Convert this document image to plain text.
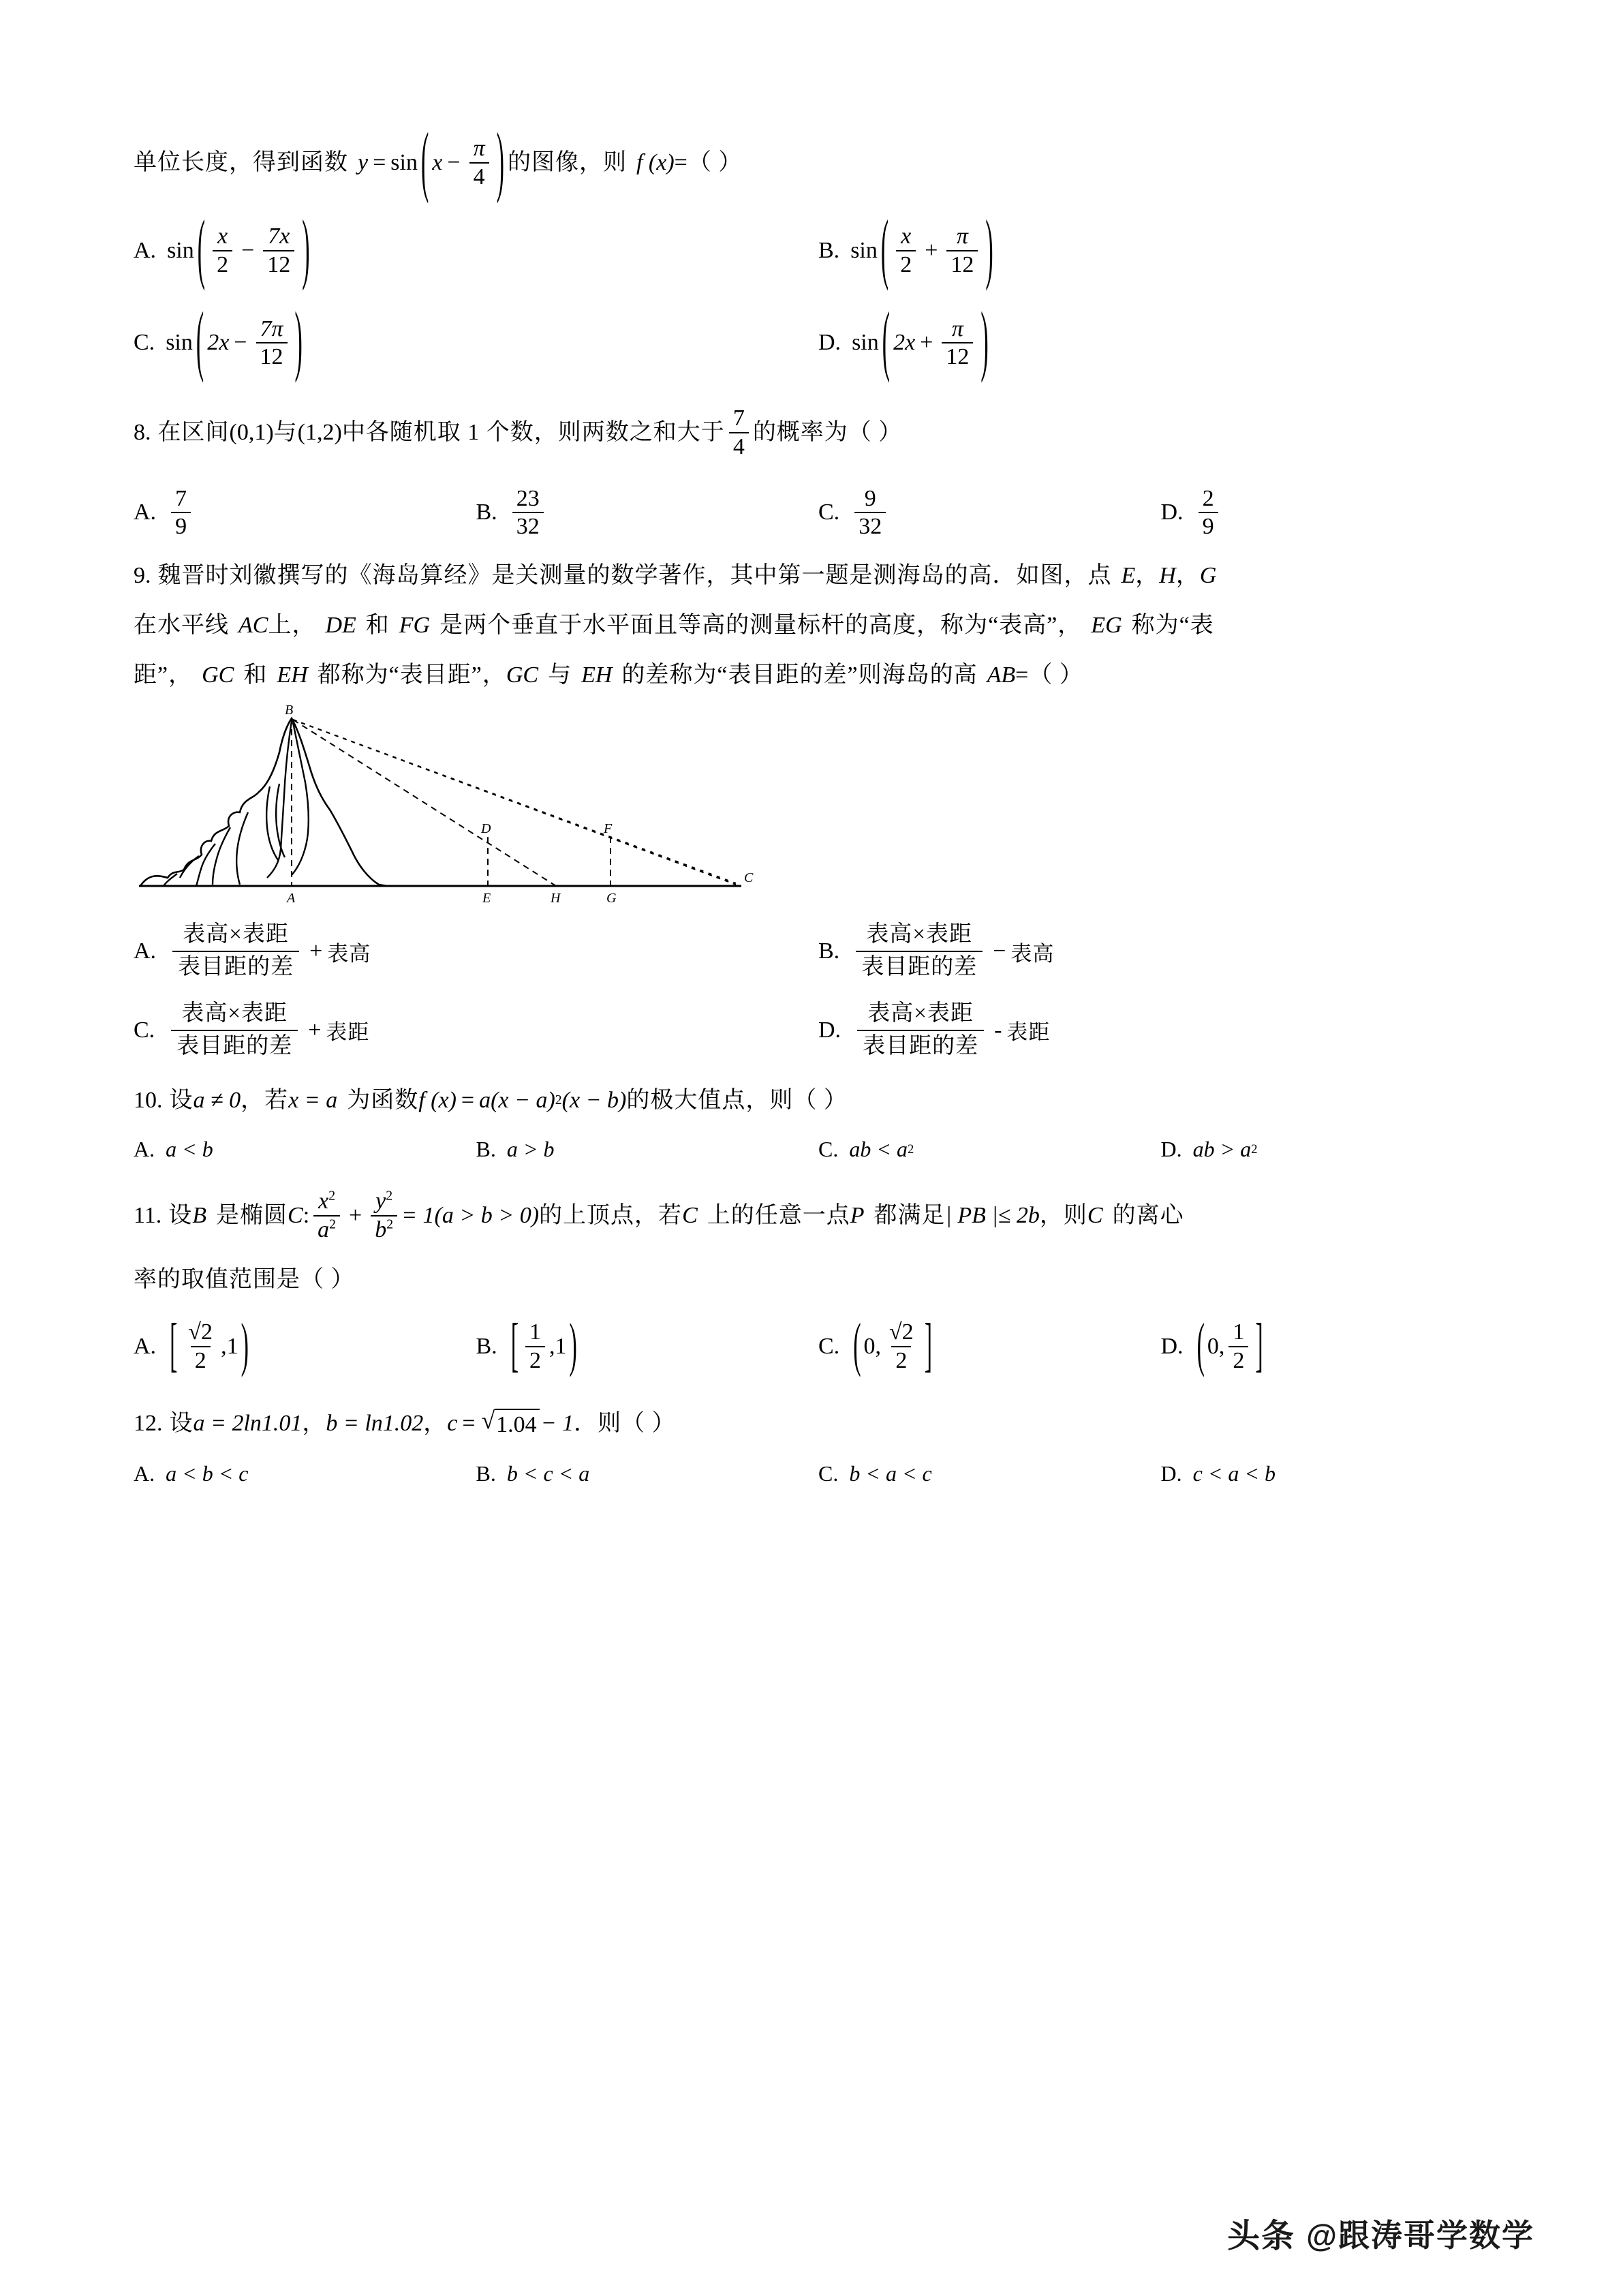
单位长度，得到函数 y = sin ( $x - \frac{\pi}{4}$ ) 的图像，则 f (x) =（ ）
A. sin ( $\frac{x}{2} - \frac{7x}{12}$ )	B. sin ( $\frac{x}{2} + \frac{\pi}{12}$ )
C. sin ( $2x - \frac{7\pi}{12}$ )	D. sin ( $2x + \frac{\pi}{12}$ )
8. 在区间 (0,1) 与 (1,2) 中各随机取 1 个数，则两数之和大于 $\frac{7}{4}$ 的概率为（ ）
A. $\frac{7}{9}$	B. $\frac{23}{32}$	C. $\frac{9}{32}$	D. $\frac{2}{9}$
9. 魏晋时刘徽撰写的《海岛算经》是关测量的数学著作，其中第一题是测海岛的高．如图，点 E ， H ， G
在水平线 AC 上， DE 和 FG 是两个垂直于水平面且等高的测量标杆的高度，称为“表高”， EG 称为“表
距”， GC 和 EH 都称为“表目距”， GC 与 EH 的差称为“表目距的差”则海岛的高 AB =（ ）
B
A
D
E	H
F
G
C
A.
表高×表距
表目距的差
+ 表高	B.
表高×表距
表目距的差
− 表高
C.
表高×表距
表目距的差
+ 表距	D.
表高×表距
表目距的差
- 表距
10. 设 a ≠ 0 ，若 x = a 为函数 f (x) = a (x − a) 2 (x − b) 的极大值点，则（ ）
A. a < b	B. a > b	C. ab < a 2	D. ab > a 2
11. 设 B 是椭圆 C : $\frac{x^2}{a^2} + \frac{y^2}{b^2} = 1(a > b > 0)$ 的上顶点，若 C 上的任意一点 P 都满足 | PB |≤ 2b ，则 C 的离心
率的取值范围是（ ）
A. [ $\frac{√2}{2} ,1$ )	B. [ $\frac{1}{2} ,1$ )	C. ( 0, $\frac{√2}{2}$ ]	D. ( 0, $\frac{1}{2}$ ]
12. 设 a = 2ln1.01 ， b = ln1.02 ， c = √ 1.04 − 1 ．则（ ）
A. a < b < c	B. b < c < a	C. b < a < c	D. c < a < b
头条 @跟涛哥学数学
